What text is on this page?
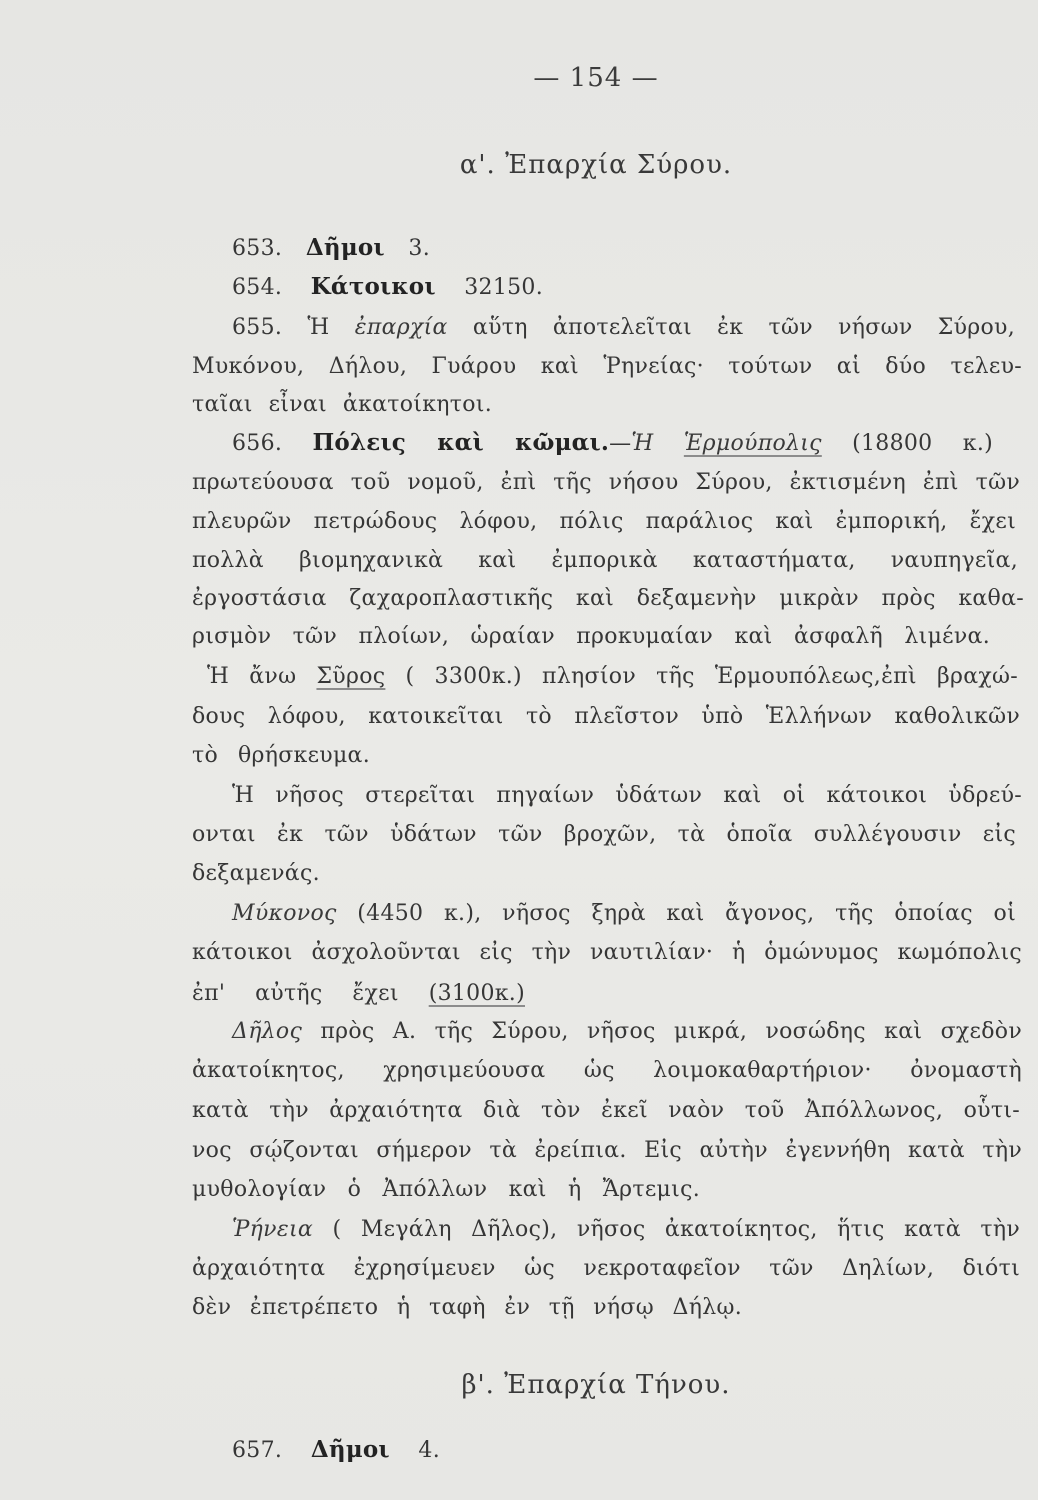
— 154 —
α'. Ἐπαρχία Σύρου.
653. Δῆμοι 3.
654. Κάτοικοι 32150.
655. Ἡ ἐπαρχία αὕτη ἀποτελεῖται ἐκ τῶν νήσων Σύρου,
Μυκόνου, Δήλου, Γυάρου καὶ Ῥηνείας· τούτων αἱ δύο τελευ-
ταῖαι εἶναι ἀκατοίκητοι.
656. Πόλεις καὶ κῶμαι.—Ἡ Ἑρμούπολις (18800 κ.)
πρωτεύουσα τοῦ νομοῦ, ἐπὶ τῆς νήσου Σύρου, ἐκτισμένη ἐπὶ τῶν
πλευρῶν πετρώδους λόφου, πόλις παράλιος καὶ ἐμπορική, ἔχει
πολλὰ βιομηχανικὰ καὶ ἐμπορικὰ καταστήματα, ναυπηγεῖα,
ἐργοστάσια ζαχαροπλαστικῆς καὶ δεξαμενὴν μικρὰν πρὸς καθα-
ρισμὸν τῶν πλοίων, ὡραίαν προκυμαίαν καὶ ἀσφαλῆ λιμένα.
Ἡ ἄνω Σῦρος ( 3300κ.) πλησίον τῆς Ἑρμουπόλεως,ἐπὶ βραχώ-
δους λόφου, κατοικεῖται τὸ πλεῖστον ὑπὸ Ἑλλήνων καθολικῶν
τὸ θρήσκευμα.
Ἡ νῆσος στερεῖται πηγαίων ὑδάτων καὶ οἱ κάτοικοι ὑδρεύ-
ονται ἐκ τῶν ὑδάτων τῶν βροχῶν, τὰ ὁποῖα συλλέγουσιν εἰς
δεξαμενάς.
Μύκονος (4450 κ.), νῆσος ξηρὰ καὶ ἄγονος, τῆς ὁποίας οἱ
κάτοικοι ἀσχολοῦνται εἰς τὴν ναυτιλίαν· ἡ ὁμώνυμος κωμόπολις
ἐπ' αὐτῆς ἔχει (3100κ.)
Δῆλος πρὸς Α. τῆς Σύρου, νῆσος μικρά, νοσώδης καὶ σχεδὸν
ἀκατοίκητος, χρησιμεύουσα ὡς λοιμοκαθαρτήριον· ὀνομαστὴ
κατὰ τὴν ἀρχαιότητα διὰ τὸν ἐκεῖ ναὸν τοῦ Ἀπόλλωνος, οὗτι-
νος σῴζονται σήμερον τὰ ἐρείπια. Εἰς αὐτὴν ἐγεννήθη κατὰ τὴν
μυθολογίαν ὁ Ἀπόλλων καὶ ἡ Ἄρτεμις.
Ῥήνεια ( Μεγάλη Δῆλος), νῆσος ἀκατοίκητος, ἥτις κατὰ τὴν
ἀρχαιότητα ἐχρησίμευεν ὡς νεκροταφεῖον τῶν Δηλίων, διότι
δὲν ἐπετρέπετο ἡ ταφὴ ἐν τῇ νήσῳ Δήλῳ.
β'. Ἐπαρχία Τήνου.
657. Δῆμοι 4.
